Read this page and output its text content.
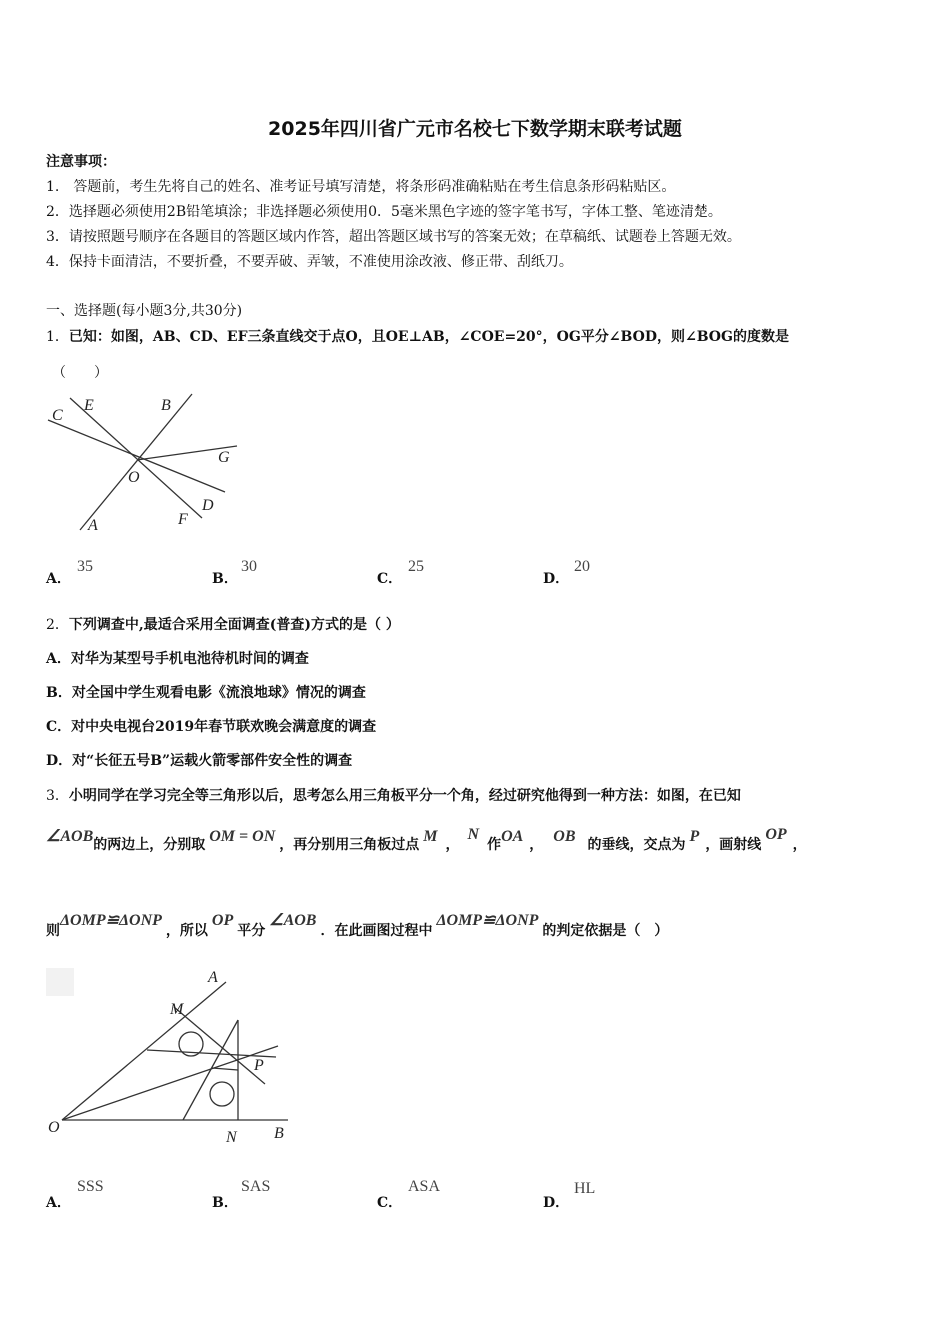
2025年四川省广元市名校七下数学期末联考试题
注意事项：
1.　答题前，考生先将自己的姓名、准考证号填写清楚，将条形码准确粘贴在考生信息条形码粘贴区。
2．选择题必须使用2B铅笔填涂；非选择题必须使用0．5毫米黑色字迹的签字笔书写，字体工整、笔迹清楚。
3．请按照题号顺序在各题目的答题区域内作答，超出答题区域书写的答案无效；在草稿纸、试题卷上答题无效。
4．保持卡面清洁，不要折叠，不要弄破、弄皱，不准使用涂改液、修正带、刮纸刀。
一、选择题(每小题3分,共30分)
1．已知：如图，AB、CD、EF三条直线交于点O，且OE⊥AB，∠COE=20°，OG平分∠BOD，则∠BOG的度数是
（　　）
C
E	B
G
O
D
F
A
A．
35
B．
30
C．
25
D．
20
2．下列调查中,最适合采用全面调查(普查)方式的是（ ）
A．对华为某型号手机电池待机时间的调查
B．对全国中学生观看电影《流浪地球》情况的调查
C．对中央电视台2019年春节联欢晚会满意度的调查
D．对“长征五号B”运载火箭零部件安全性的调查
3．小明同学在学习完全等三角形以后，思考怎么用三角板平分一个角，经过研究他得到一种方法：如图，在已知
∠AOB的两边上，分别取 OM = ON ，再分别用三角板过点 M ，N作OA ， OB 的垂线，交点为 P ，画射线OP，
则ΔOMP≌ΔONP，所以OP平分∠AOB．在此画图过程中ΔOMP≌ΔONP的判定依据是（　）
A
M
P
O
N B
A．
SSS
B．
SAS
C．
ASA
D．
HL
